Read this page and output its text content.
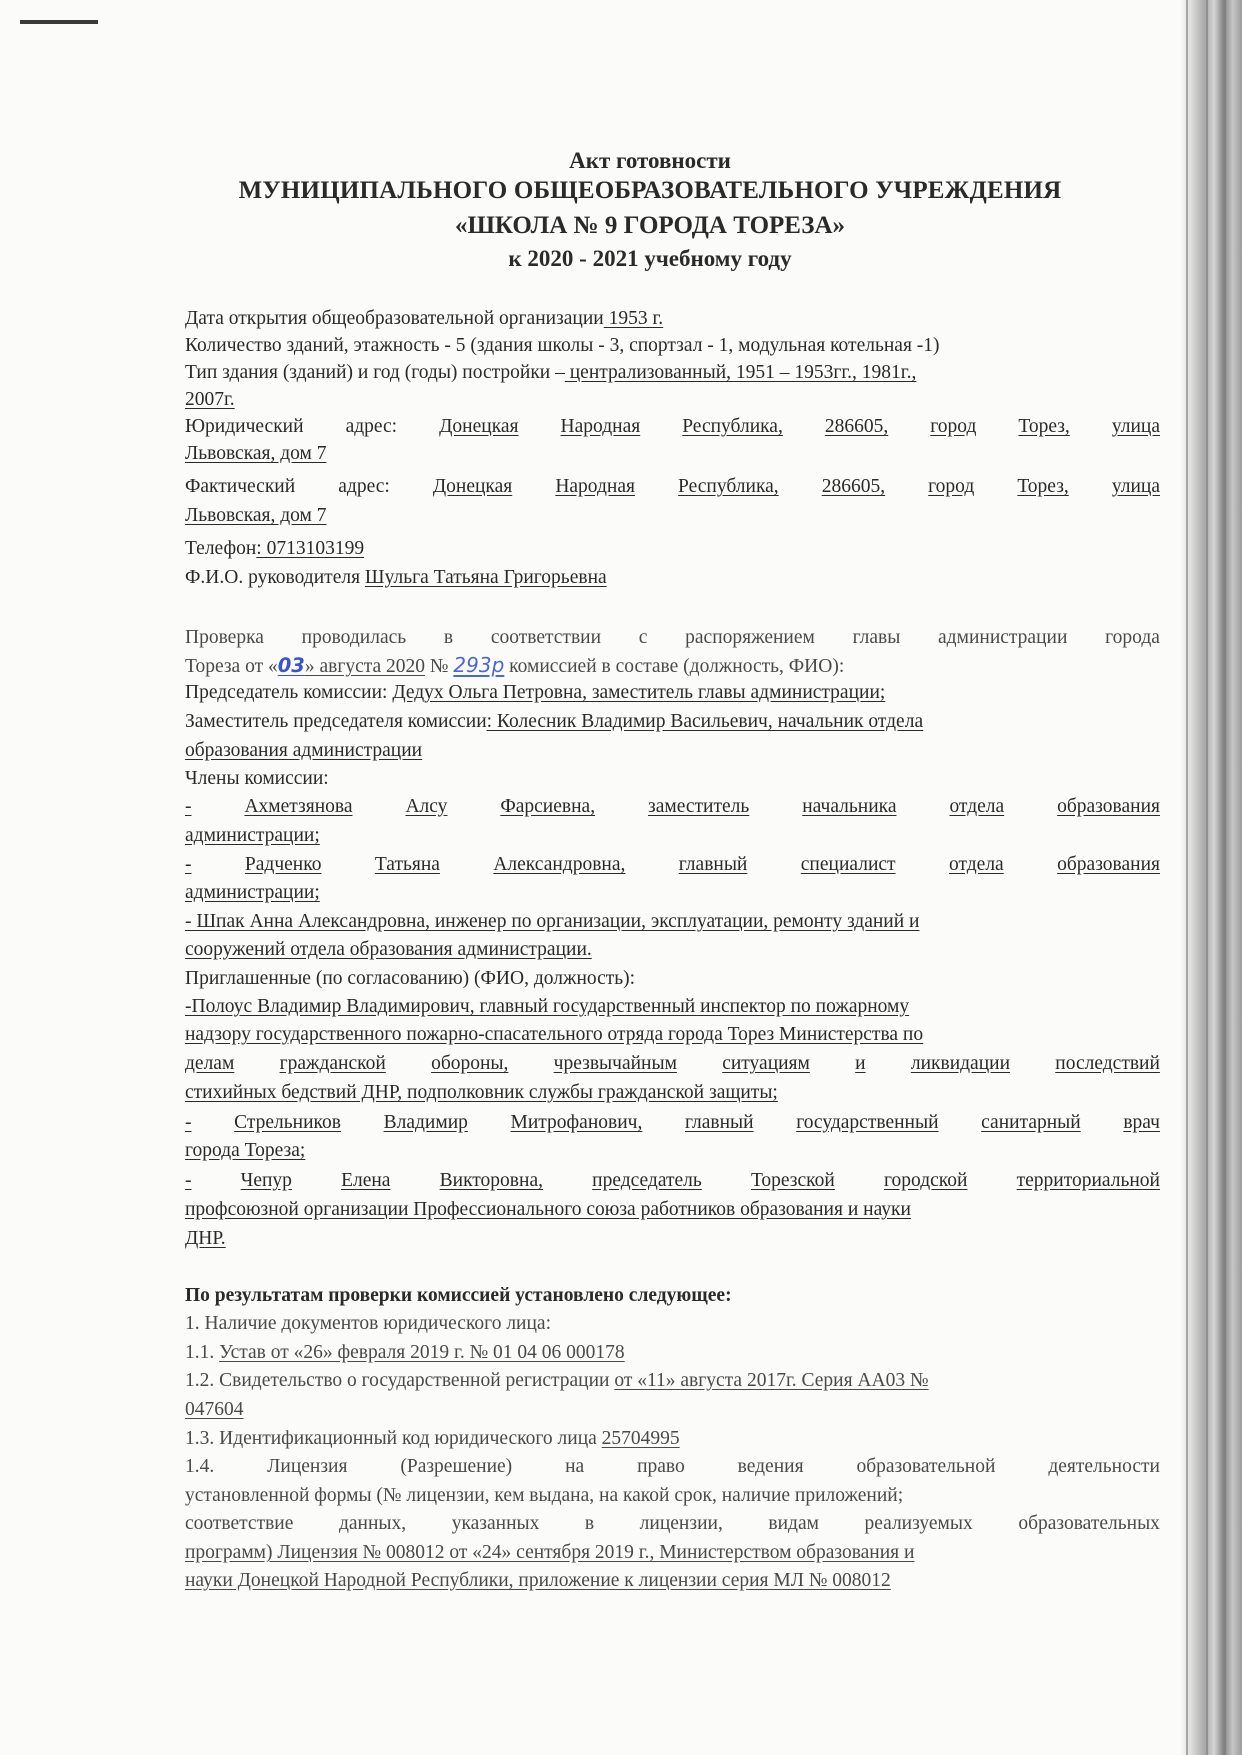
Акт готовности
МУНИЦИПАЛЬНОГО ОБЩЕОБРАЗОВАТЕЛЬНОГО УЧРЕЖДЕНИЯ
«ШКОЛА № 9 ГОРОДА ТОРЕЗА»
к 2020 - 2021 учебному году
Дата открытия общеобразовательной организации 1953 г.
Количество зданий, этажность - 5 (здания школы - 3, спортзал - 1, модульная котельная -1)
Тип здания (зданий) и год (годы) постройки – централизованный, 1951 – 1953гг., 1981г.,
2007г.
Юридический адрес: Донецкая Народная Республика, 286605, город Торез, улица
Львовская, дом 7
Фактический адрес: Донецкая Народная Республика, 286605, город Торез, улица
Львовская, дом 7
Телефон: 0713103199
Ф.И.О. руководителя Шульга Татьяна Григорьевна
Проверка проводилась в соответствии с распоряжением главы администрации города
Тореза от «03» августа 2020 № 293р комиссией в составе (должность, ФИО):
Председатель комиссии: Дедух Ольга Петровна, заместитель главы администрации;
Заместитель председателя комиссии: Колесник Владимир Васильевич, начальник отдела
образования администрации
Члены комиссии:
-	Ахметзянова	Алсу	Фарсиевна,	заместитель	начальника	отдела	образования
администрации;
-	Радченко	Татьяна	Александровна,	главный	специалист	отдела	образования
администрации;
- Шпак Анна Александровна, инженер по организации, эксплуатации, ремонту зданий и
сооружений отдела образования администрации.
Приглашенные (по согласованию) (ФИО, должность):
-Полоус Владимир Владимирович, главный государственный инспектор по пожарному
надзору государственного пожарно-спасательного отряда города Торез Министерства по
делам гражданской обороны, чрезвычайным ситуациям и ликвидации последствий
стихийных бедствий ДНР, подполковник службы гражданской защиты;
- Стрельников Владимир Митрофанович, главный государственный санитарный врач
города Тореза;
-	Чепур	Елена	Викторовна,	председатель	Торезской	городской	территориальной
профсоюзной организации Профессионального союза работников образования и науки
ДНР.
По результатам проверки комиссией установлено следующее:
1. Наличие документов юридического лица:
1.1. Устав от «26» февраля 2019 г. № 01 04 06 000178
1.2. Свидетельство о государственной регистрации от «11» августа 2017г. Серия АА03 №
047604
1.3. Идентификационный код юридического лица 25704995
1.4.	Лицензия	(Разрешение)	на	право	ведения	образовательной	деятельности
установленной формы (№ лицензии, кем выдана, на какой срок, наличие приложений;
соответствие данных, указанных в лицензии, видам реализуемых образовательных
программ) Лицензия № 008012 от «24» сентября 2019 г., Министерством образования и
науки Донецкой Народной Республики, приложение к лицензии серия МЛ № 008012
